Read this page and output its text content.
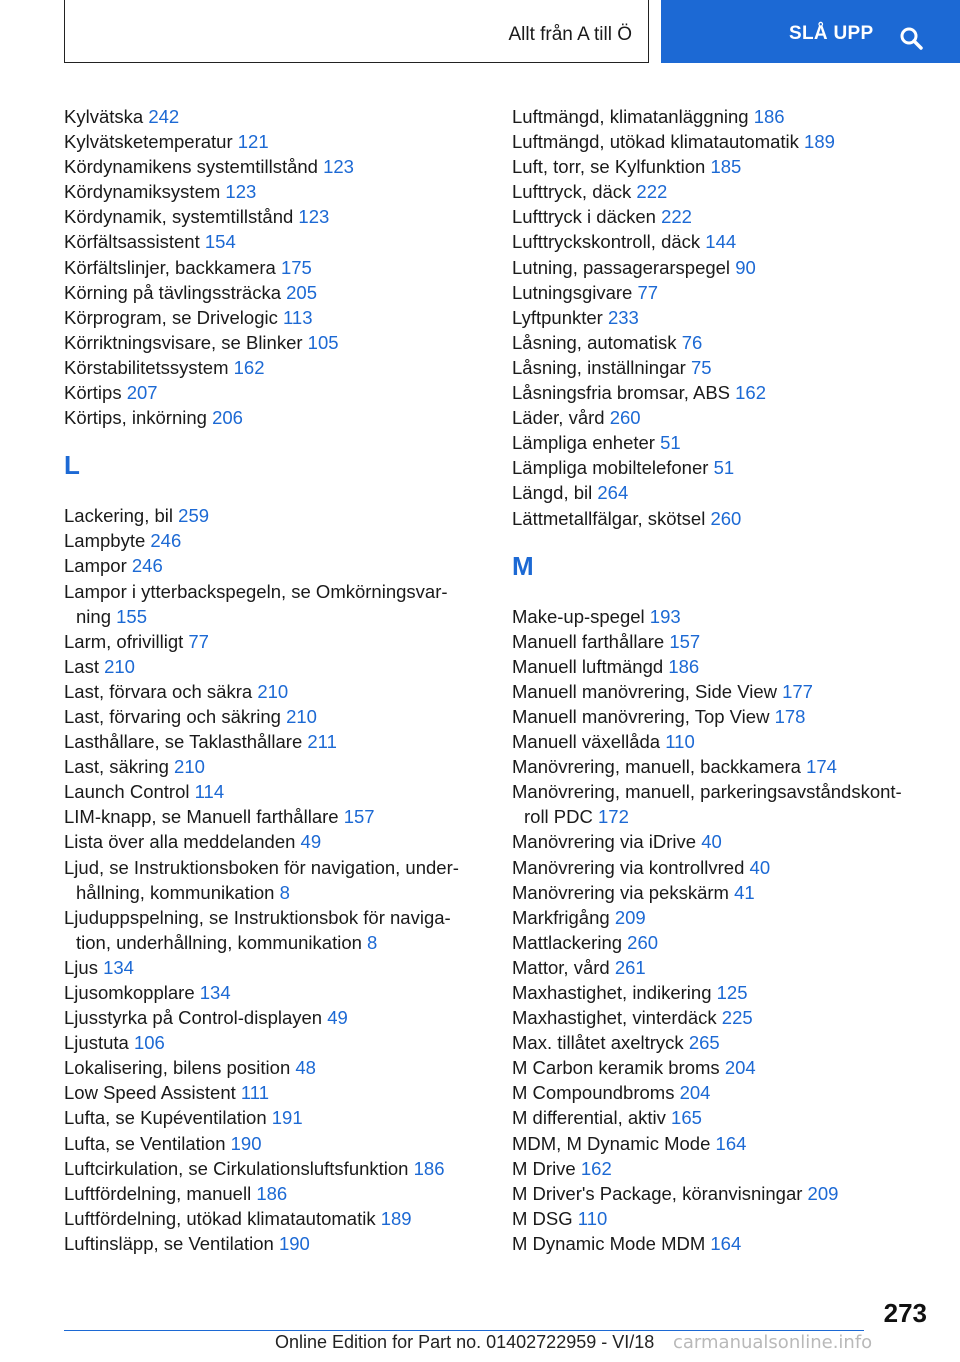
Allt från A till Ö	SLÅ UPP
Kylvätska 242
Kylvätsketemperatur 121
Kördynamikens systemtillstånd 123
Kördynamiksystem 123
Kördynamik, systemtillstånd 123
Körfältsassistent 154
Körfältslinjer, backkamera 175
Körning på tävlingssträcka 205
Körprogram, se Drivelogic 113
Körriktningsvisare, se Blinker 105
Körstabilitetssystem 162
Körtips 207
Körtips, inkörning 206
L
Lackering, bil 259
Lampbyte 246
Lampor 246
Lampor i ytterbackspegeln, se Omkörningsvar‐ning 155
Larm, ofrivilligt 77
Last 210
Last, förvara och säkra 210
Last, förvaring och säkring 210
Lasthållare, se Taklasthållare 211
Last, säkring 210
Launch Control 114
LIM-knapp, se Manuell farthållare 157
Lista över alla meddelanden 49
Ljud, se Instruktionsboken för navigation, under‐hållning, kommunikation 8
Ljuduppspelning, se Instruktionsbok för naviga‐tion, underhållning, kommunikation 8
Ljus 134
Ljusomkopplare 134
Ljusstyrka på Control-displayen 49
Ljustuta 106
Lokalisering, bilens position 48
Low Speed Assistent 111
Lufta, se Kupéventilation 191
Lufta, se Ventilation 190
Luftcirkulation, se Cirkulationsluftsfunktion 186
Luftfördelning, manuell 186
Luftfördelning, utökad klimatautomatik 189
Luftinsläpp, se Ventilation 190
Luftmängd, klimatanläggning 186
Luftmängd, utökad klimatautomatik 189
Luft, torr, se Kylfunktion 185
Lufttryck, däck 222
Lufttryck i däcken 222
Lufttryckskontroll, däck 144
Lutning, passagerarspegel 90
Lutningsgivare 77
Lyftpunkter 233
Låsning, automatisk 76
Låsning, inställningar 75
Låsningsfria bromsar, ABS 162
Läder, vård 260
Lämpliga enheter 51
Lämpliga mobiltelefoner 51
Längd, bil 264
Lättmetallfälgar, skötsel 260
M
Make-up-spegel 193
Manuell farthållare 157
Manuell luftmängd 186
Manuell manövrering, Side View 177
Manuell manövrering, Top View 178
Manuell växellåda 110
Manövrering, manuell, backkamera 174
Manövrering, manuell, parkeringsavståndskont‐roll PDC 172
Manövrering via iDrive 40
Manövrering via kontrollvred 40
Manövrering via pekskärm 41
Markfrigång 209
Mattlackering 260
Mattor, vård 261
Maxhastighet, indikering 125
Maxhastighet, vinterdäck 225
Max. tillåtet axeltryck 265
M Carbon keramik broms 204
M Compoundbroms 204
M differential, aktiv 165
MDM, M Dynamic Mode 164
M Drive 162
M Driver's Package, köranvisningar 209
M DSG 110
M Dynamic Mode MDM 164
273
Online Edition for Part no. 01402722959 - VI/18 carmanualsonline.info
